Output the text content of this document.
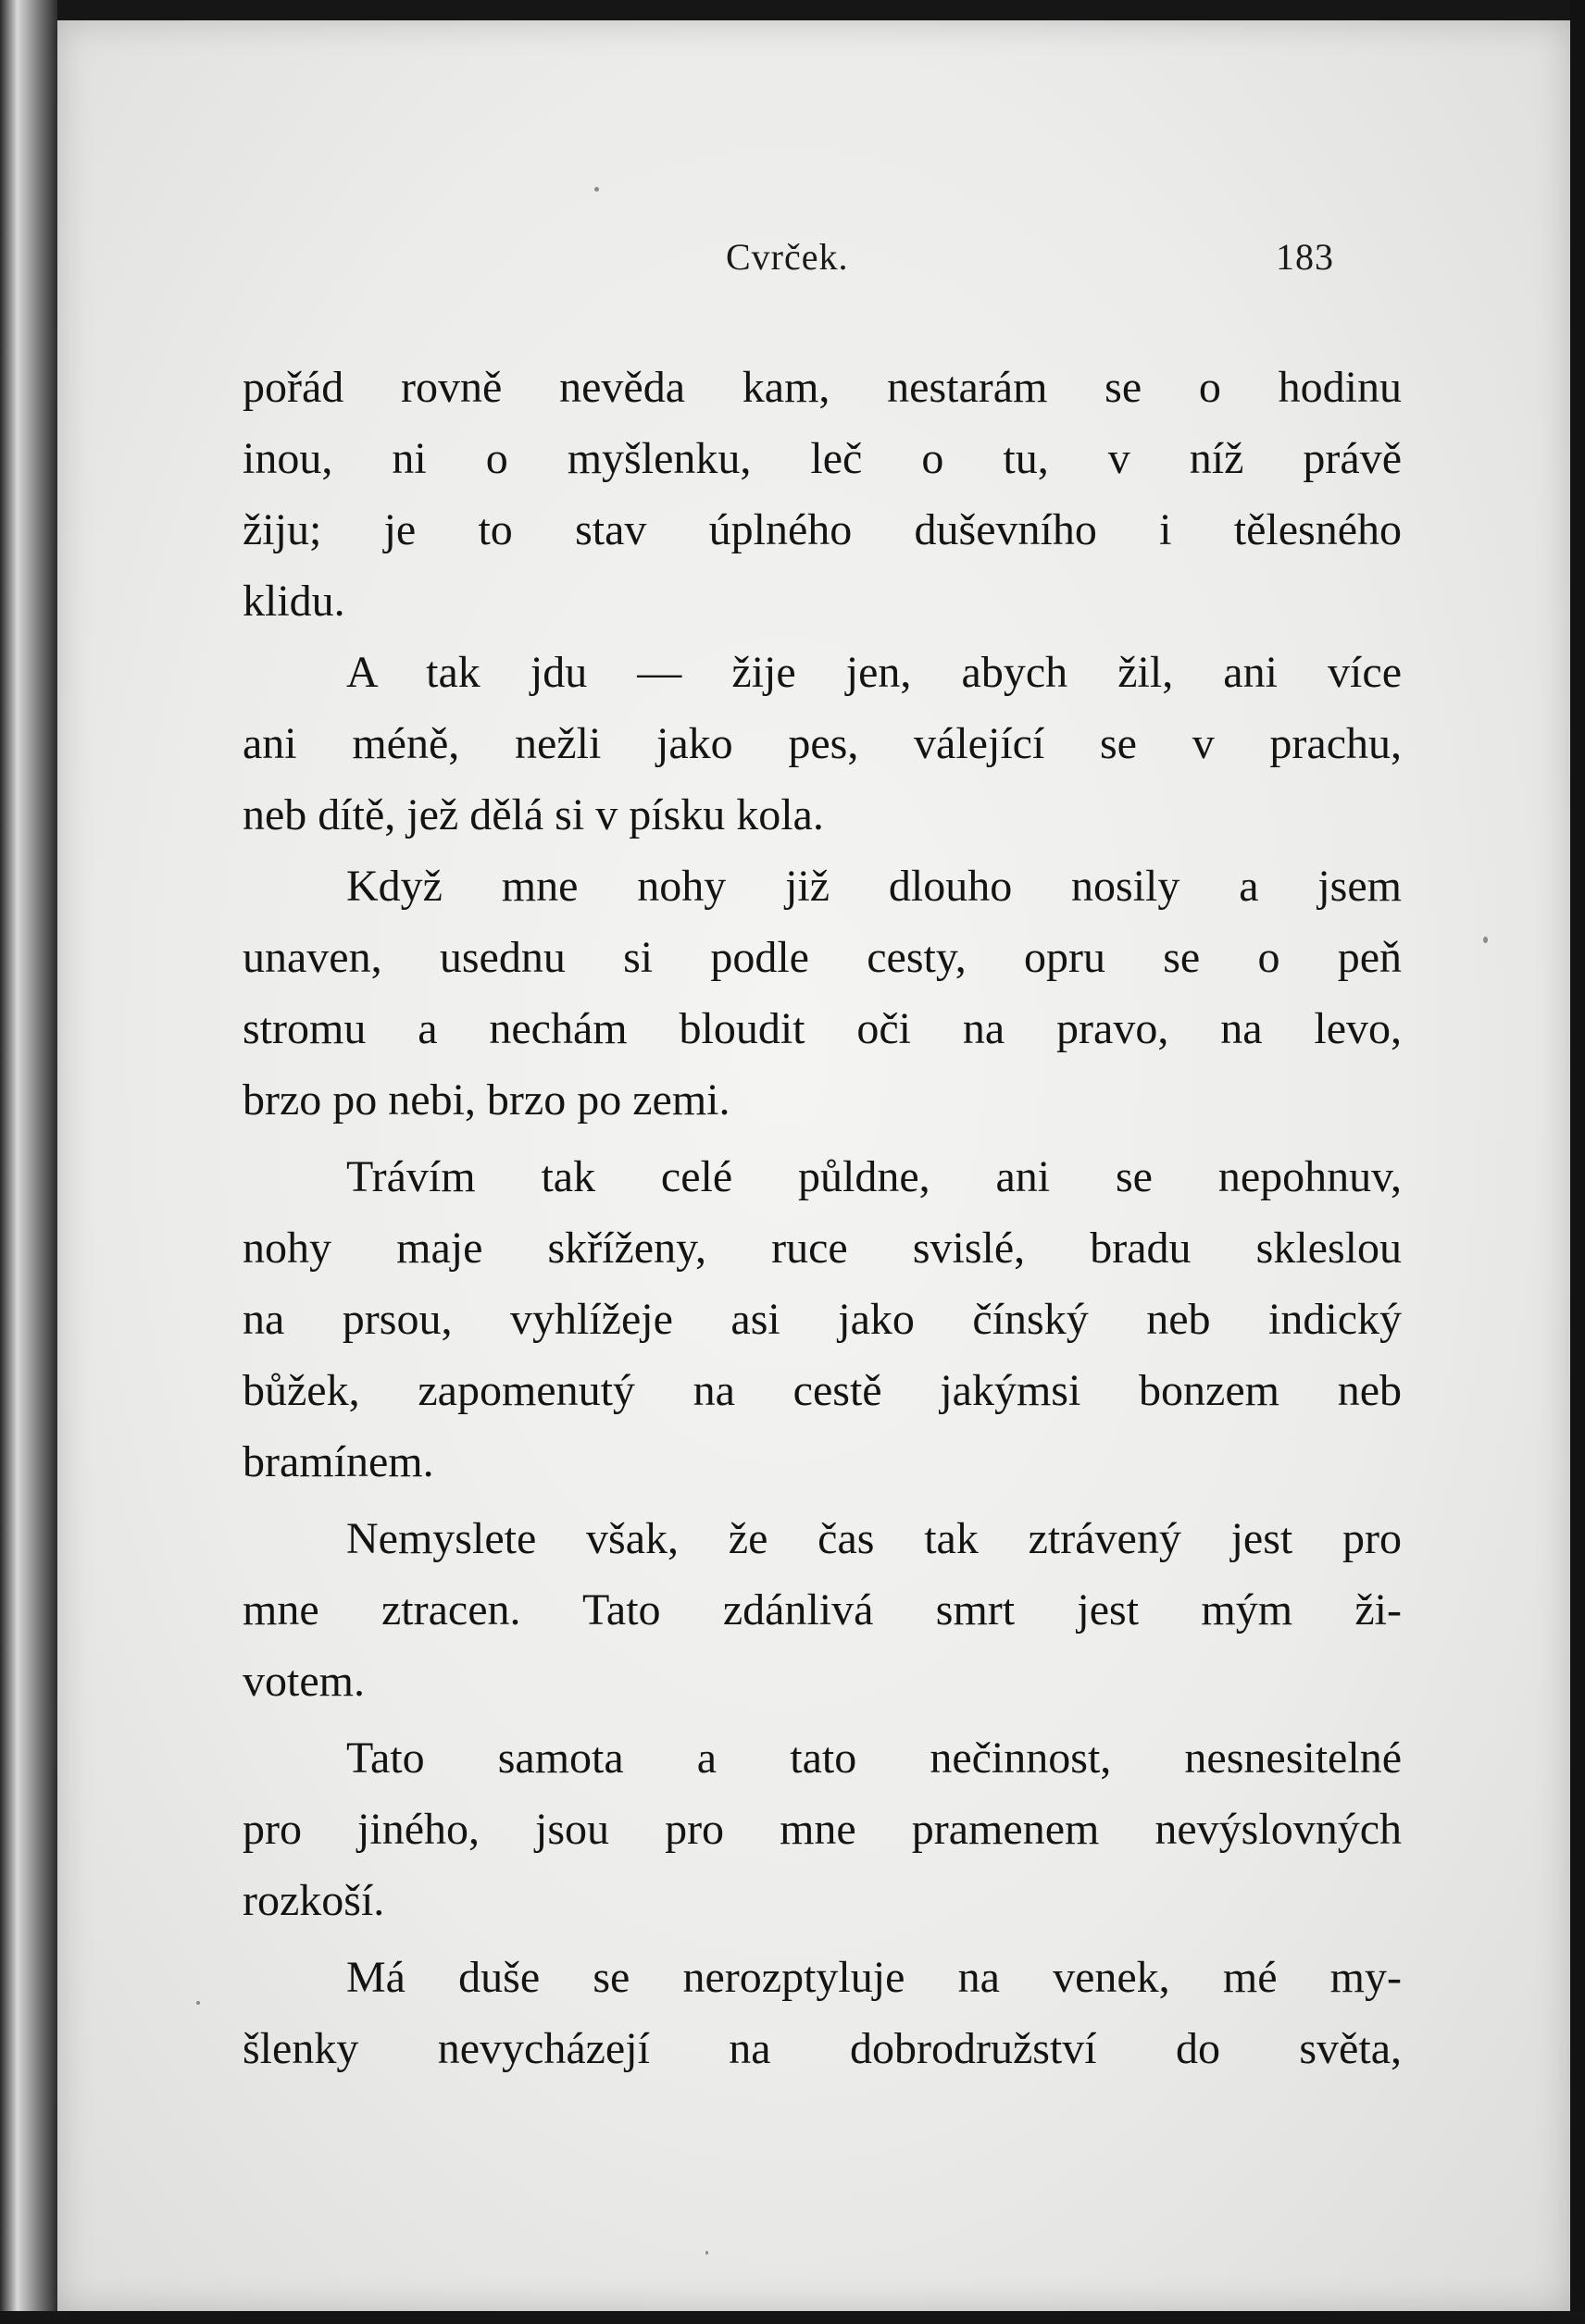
Cvrček.	183
pořád rovně nevěda kam, nestarám se o hodinu
inou, ni o myšlenku, leč o tu, v níž právě
žiju; je to stav úplného duševního i tělesného
klidu.
A tak jdu — žije jen, abych žil, ani více
ani méně, nežli jako pes, válející se v prachu,
neb dítě, jež dělá si v písku kola.
Když mne nohy již dlouho nosily a jsem
unaven, usednu si podle cesty, opru se o peň
stromu a nechám bloudit oči na pravo, na levo,
brzo po nebi, brzo po zemi.
Trávím tak celé půldne, ani se nepohnuv,
nohy maje skříženy, ruce svislé, bradu skleslou
na prsou, vyhlížeje asi jako čínský neb indický
bůžek, zapomenutý na cestě jakýmsi bonzem neb
bramínem.
Nemyslete však, že čas tak ztrávený jest pro
mne ztracen. Tato zdánlivá smrt jest mým ži-
votem.
Tato samota a tato nečinnost, nesnesitelné
pro jiného, jsou pro mne pramenem nevýslovných
rozkoší.
Má duše se nerozptyluje na venek, mé my-
šlenky nevycházejí na dobrodružství do světa,
